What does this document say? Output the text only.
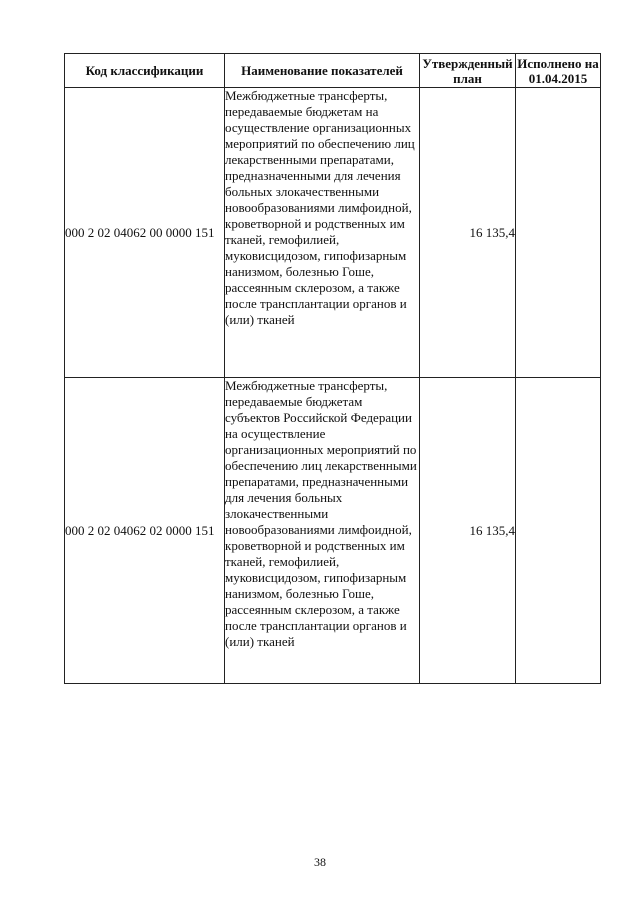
Код классификации	Наименование показателей	Утвержденный план	Исполнено на 01.04.2015
000 2 02 04062 00 0000 151	Межбюджетные трансферты, передаваемые бюджетам на осуществление организационных мероприятий по обеспечению лиц лекарственными препаратами, предназначенными для лечения больных злокачественными новообразованиями лимфоидной, кроветворной и родственных им тканей, гемофилией, муковисцидозом, гипофизарным нанизмом, болезнью Гоше, рассеянным склерозом, а также после трансплантации органов и (или) тканей	16 135,4	
000 2 02 04062 02 0000 151	Межбюджетные трансферты, передаваемые бюджетам субъектов Российской Федерации на осуществление организационных мероприятий по обеспечению лиц лекарственными препаратами, предназначенными для лечения больных злокачественными новообразованиями лимфоидной, кроветворной и родственных им тканей, гемофилией, муковисцидозом, гипофизарным нанизмом, болезнью Гоше, рассеянным склерозом, а также после трансплантации органов и (или) тканей	16 135,4	
38
